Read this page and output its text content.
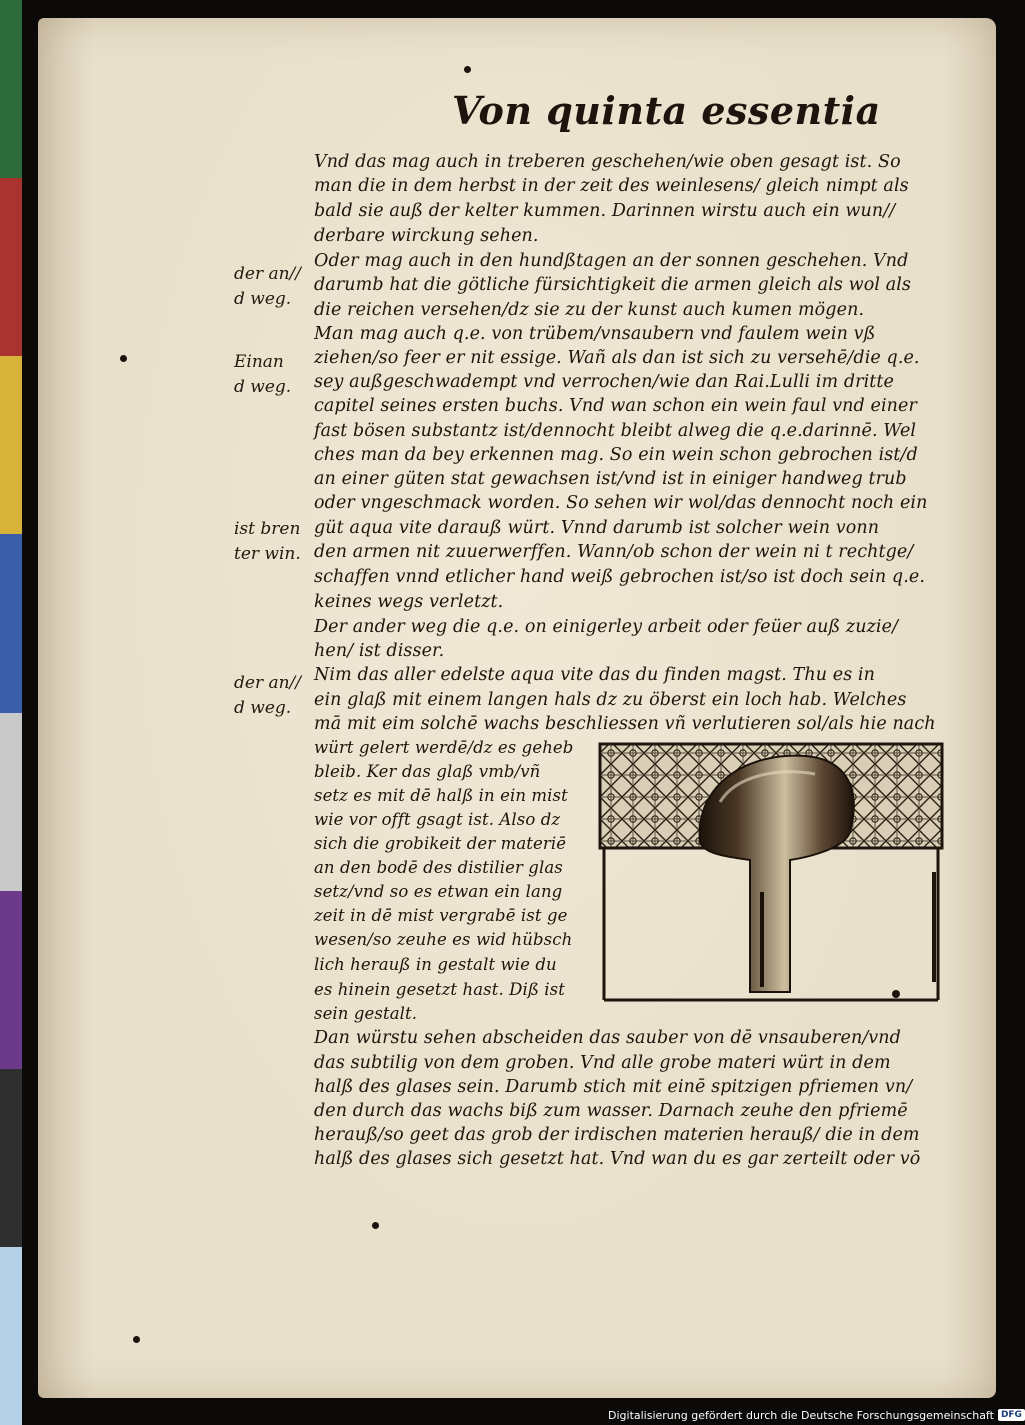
Von quinta essentia
der an//
d weg.
Einan
d weg.
ist bren
ter win.
der an//
d weg.
Vnd das mag auch in treberen geschehen/wie oben gesagt ist. So
man die in dem herbst in der zeit des weinlesens/ gleich nimpt als
bald sie auß der kelter kummen. Darinnen wirstu auch ein wun//
derbare wirckung sehen.
Oder mag auch in den hundßtagen an der sonnen geschehen. Vnd
darumb hat die götliche fürsichtigkeit die armen gleich als wol als
die reichen versehen/dz sie zu der kunst auch kumen mögen.
Man mag auch q.e. von trübem/vnsaubern vnd faulem wein vß
ziehen/so feer er nit essige. Wañ als dan ist sich zu versehē/die q.e.
sey außgeschwadempt vnd verrochen/wie dan Rai.Lulli im dritte
capitel seines ersten buchs. Vnd wan schon ein wein faul vnd einer
fast bösen substantz ist/dennocht bleibt alweg die q.e.darinnē. Wel
ches man da bey erkennen mag. So ein wein schon gebrochen ist/d
an einer güten stat gewachsen ist/vnd ist in einiger handweg trub
oder vngeschmack worden. So sehen wir wol/das dennocht noch ein
güt aqua vite darauß würt. Vnnd darumb ist solcher wein vonn
den armen nit zuuerwerffen. Wann/ob schon der wein ni t rechtge/
schaffen vnnd etlicher hand weiß gebrochen ist/so ist doch sein q.e.
keines wegs verletzt.
Der ander weg die q.e. on einigerley arbeit oder feüer auß zuzie/
hen/ ist disser.
Nim das aller edelste aqua vite das du finden magst. Thu es in
ein glaß mit einem langen hals dz zu öberst ein loch hab. Welches
mā mit eim solchē wachs beschliessen vñ verlutieren sol/als hie nach
würt gelert werdē/dz es geheb
bleib. Ker das glaß vmb/vñ
setz es mit dē halß in ein mist
wie vor offt gsagt ist. Also dz
sich die grobikeit der materiē
an den bodē des distilier glas
setz/vnd so es etwan ein lang
zeit in dē mist vergrabē ist ge
wesen/so zeuhe es wid hübsch
lich herauß in gestalt wie du
es hinein gesetzt hast. Diß ist
sein gestalt.
Dan würstu sehen abscheiden das sauber von dē vnsauberen/vnd
das subtilig von dem groben. Vnd alle grobe materi würt in dem
halß des glases sein. Darumb stich mit einē spitzigen pfriemen vn/
den durch das wachs biß zum wasser. Darnach zeuhe den pfriemē
herauß/so geet das grob der irdischen materien herauß/ die in dem
halß des glases sich gesetzt hat. Vnd wan du es gar zerteilt oder vō
Digitalisierung gefördert durch die Deutsche Forschungsgemeinschaft DFG
